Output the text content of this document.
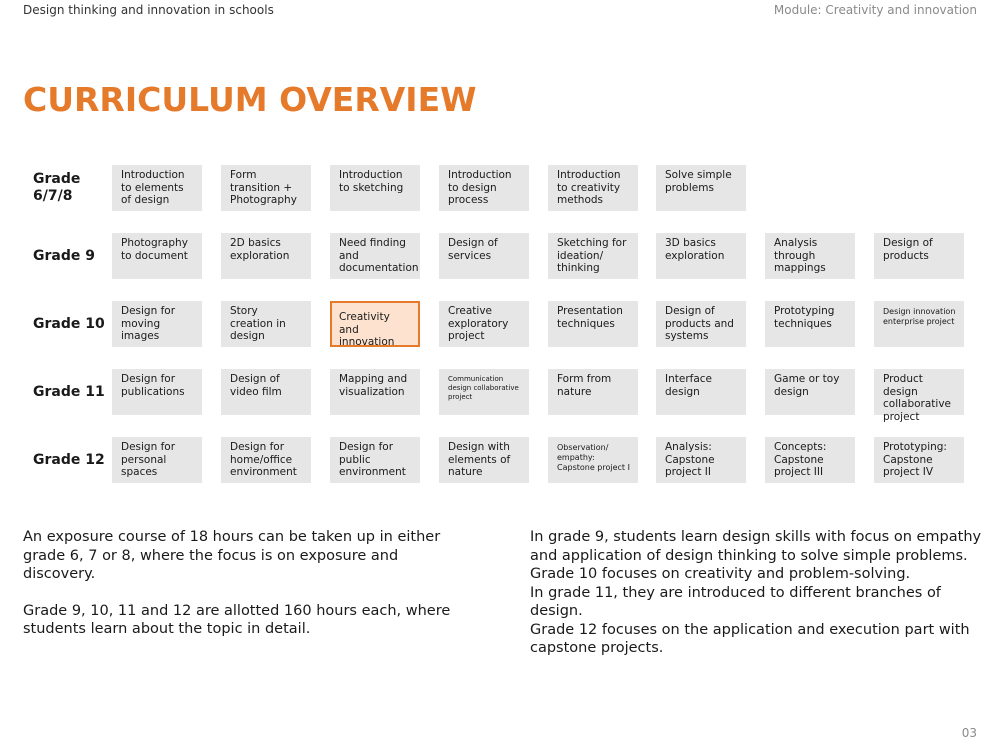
Design thinking and innovation in schools	Module: Creativity and innovation
CURRICULUM OVERVIEW
Grade 6/7/8
Introduction to elements of design
Form transition + Photography
Introduction to sketching
Introduction to design process
Introduction to creativity methods
Solve simple problems
Grade 9
Photography to document
2D basics exploration
Need finding and documentation
Design of services
Sketching for ideation/ thinking
3D basics exploration
Analysis through mappings
Design of products
Grade 10
Design for moving images
Story creation in design
Creativity and innovation
Creative exploratory project
Presentation techniques
Design of products and systems
Prototyping techniques
Design innovation enterprise project
Grade 11
Design for publications
Design of video film
Mapping and visualization
Communication design collaborative project
Form from nature
Interface design
Game or toy design
Product design collaborative project
Grade 12
Design for personal spaces
Design for home/office environment
Design for public environment
Design with elements of nature
Observation/ empathy: Capstone project I
Analysis: Capstone project II
Concepts: Capstone project III
Prototyping: Capstone project IV

An exposure course of 18 hours can be taken up in either grade 6, 7 or 8, where the focus is on exposure and discovery.

Grade 9, 10, 11 and 12 are allotted 160 hours each, where students learn about the topic in detail.

In grade 9, students learn design skills with focus on empathy and application of design thinking to solve simple problems.

Grade 10 focuses on creativity and problem-solving.

In grade 11, they are introduced to different branches of design.

Grade 12 focuses on the application and execution part with capstone projects.

03
